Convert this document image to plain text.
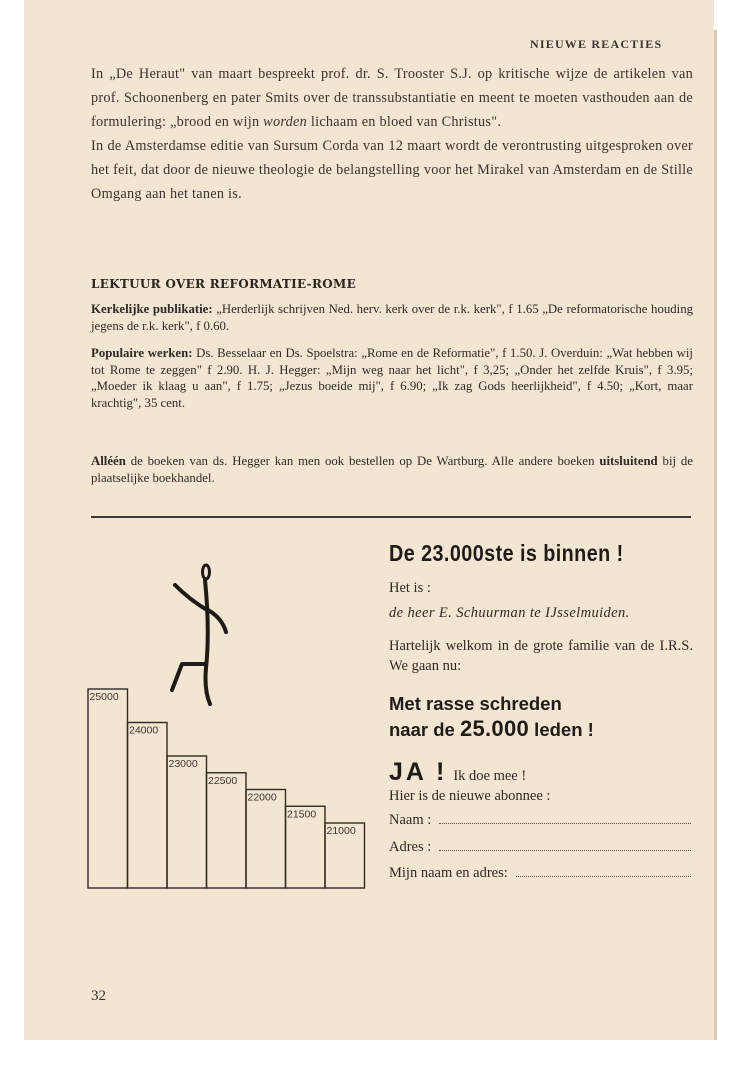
NIEUWE REACTIES

In „De Heraut" van maart bespreekt prof. dr. S. Trooster S.J. op kritische wijze de artikelen van prof. Schoonenberg en pater Smits over de transsubstantiatie en meent te moeten vasthouden aan de formulering: „brood en wijn worden lichaam en bloed van Christus".

In de Amsterdamse editie van Sursum Corda van 12 maart wordt de verontrusting uitgesproken over het feit, dat door de nieuwe theologie de belangstelling voor het Mirakel van Amsterdam en de Stille Omgang aan het tanen is.

LEKTUUR OVER REFORMATIE-ROME

Kerkelijke publikatie: „Herderlijk schrijven Ned. herv. kerk over de r.k. kerk", f 1.65 „De reformatorische houding jegens de r.k. kerk", f 0.60.

Populaire werken: Ds. Besselaar en Ds. Spoelstra: „Rome en de Reformatie", f 1.50. J. Overduin: „Wat hebben wij tot Rome te zeggen" f 2.90. H. J. Hegger: „Mijn weg naar het licht", f 3,25; „Onder het zelfde Kruis", f 3.95; „Moeder ik klaag u aan", f 1.75; „Jezus boeide mij", f 6.90; „Ik zag Gods heerlijkheid", f 4.50; „Kort, maar krachtig", 35 cent.

Alléén de boeken van ds. Hegger kan men ook bestellen op De Wartburg. Alle andere boeken uitsluitend bij de plaatselijke boekhandel.

25000
24000
23000
22500
22000
21500
21000
De 23.000ste is binnen !
Het is :
de heer E. Schuurman te IJsselmuiden.
Hartelijk welkom in de grote familie van de I.R.S. We gaan nu:
Met rasse schreden
naar de 25.000 leden !
JA ! Ik doe mee !
Hier is de nieuwe abonnee :
Naam :
Adres :
Mijn naam en adres:
32
